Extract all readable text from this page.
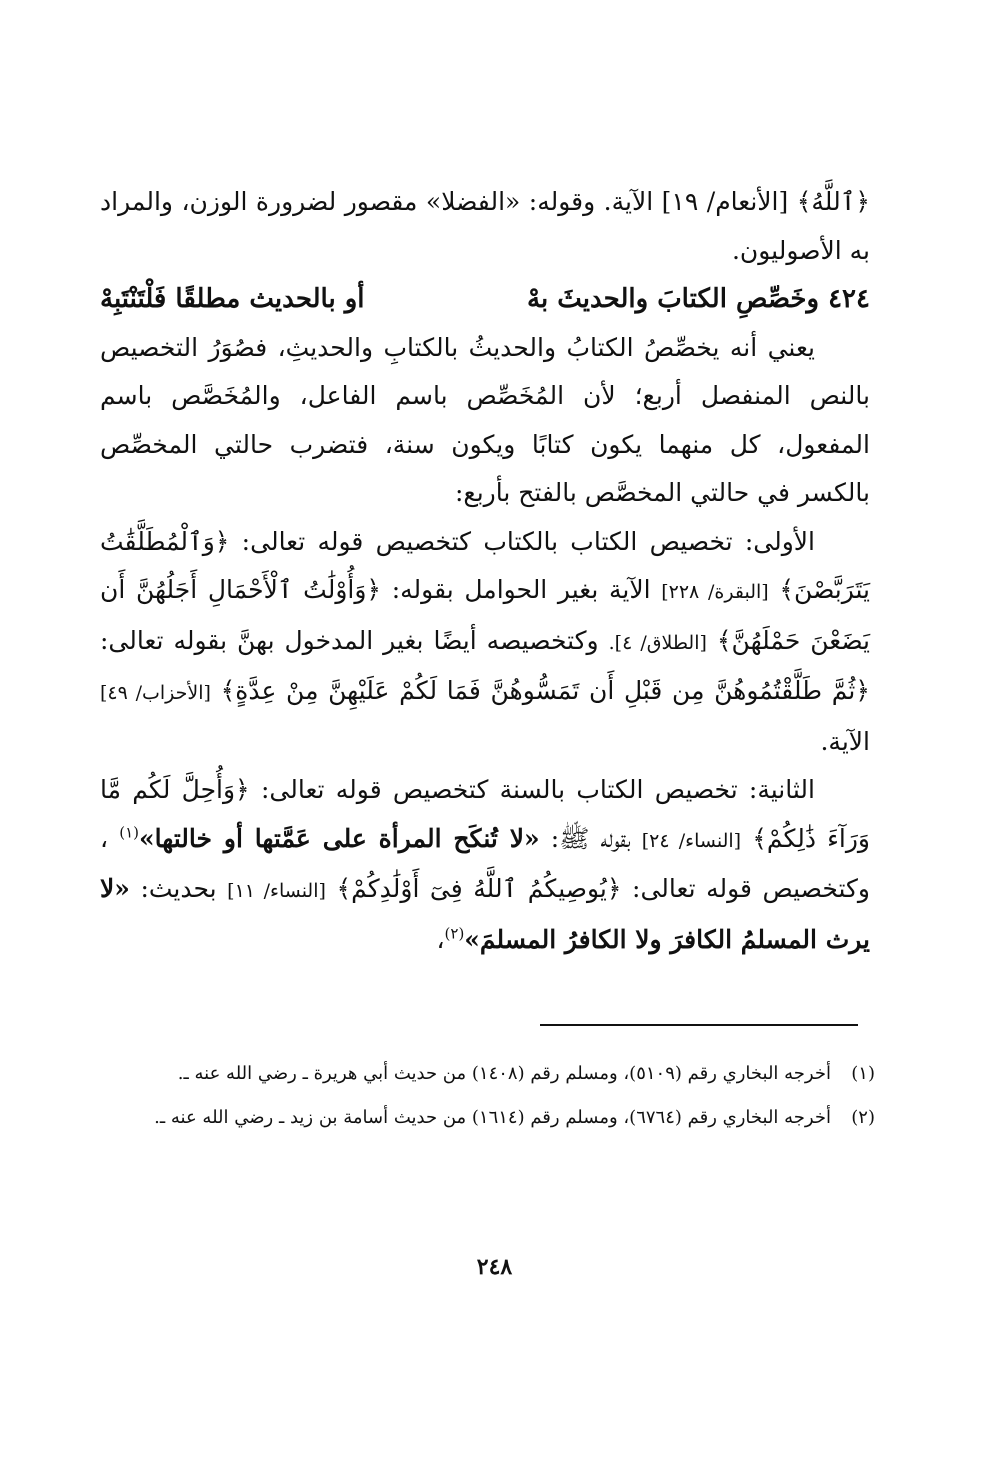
﴿ٱللَّهُ﴾ [الأنعام/ ١٩] الآية. وقوله: «الفضلا» مقصور لضرورة الوزن، والمراد به الأصوليون.

٤٢٤ وخَصِّصِ الكتابَ والحديثَ بهْ
أو بالحديث مطلقًا فَلْتَنْتَبِهْ

يعني أنه يخصِّصُ الكتابُ والحديثُ بالكتابِ والحديثِ، فصُوَرُ التخصيص بالنص المنفصل أربع؛ لأن المُخَصِّص باسم الفاعل، والمُخَصَّص باسم المفعول، كل منهما يكون كتابًا ويكون سنة، فتضرب حالتي المخصِّص بالكسر في حالتي المخصَّص بالفتح بأربع:

الأولى: تخصيص الكتاب بالكتاب كتخصيص قوله تعالى: ﴿وَٱلْمُطَلَّقَٰتُ يَتَرَبَّصْنَ﴾ [البقرة/ ٢٢٨] الآية بغير الحوامل بقوله: ﴿وَأُوْلَٰتُ ٱلْأَحْمَالِ أَجَلُهُنَّ أَن يَضَعْنَ حَمْلَهُنَّ﴾ [الطلاق/ ٤]. وكتخصيصه أيضًا بغير المدخول بهنَّ بقوله تعالى: ﴿ثُمَّ طَلَّقْتُمُوهُنَّ مِن قَبْلِ أَن تَمَسُّوهُنَّ فَمَا لَكُمْ عَلَيْهِنَّ مِنْ عِدَّةٍ﴾ [الأحزاب/ ٤٩] الآية.

الثانية: تخصيص الكتاب بالسنة كتخصيص قوله تعالى: ﴿وَأُحِلَّ لَكُم مَّا وَرَآءَ ذَٰلِكُمْ﴾ [النساء/ ٢٤] بقوله ﷺ: «لا تُنكَح المرأة على عَمَّتها أو خالتها»$^{(١)}$ ، وكتخصيص قوله تعالى: ﴿يُوصِيكُمُ ٱللَّهُ فِىٓ أَوْلَٰدِكُمْ﴾ [النساء/ ١١] بحديث: «لا يرث المسلمُ الكافرَ ولا الكافرُ المسلمَ»$^{(٢)}$،

(١)
أخرجه البخاري رقم (٥١٠٩)، ومسلم رقم (١٤٠٨) من حديث أبي هريرة ـ رضي الله عنه ـ.
(٢)
أخرجه البخاري رقم (٦٧٦٤)، ومسلم رقم (١٦١٤) من حديث أسامة بن زيد ـ رضي الله عنه ـ.
٢٤٨
